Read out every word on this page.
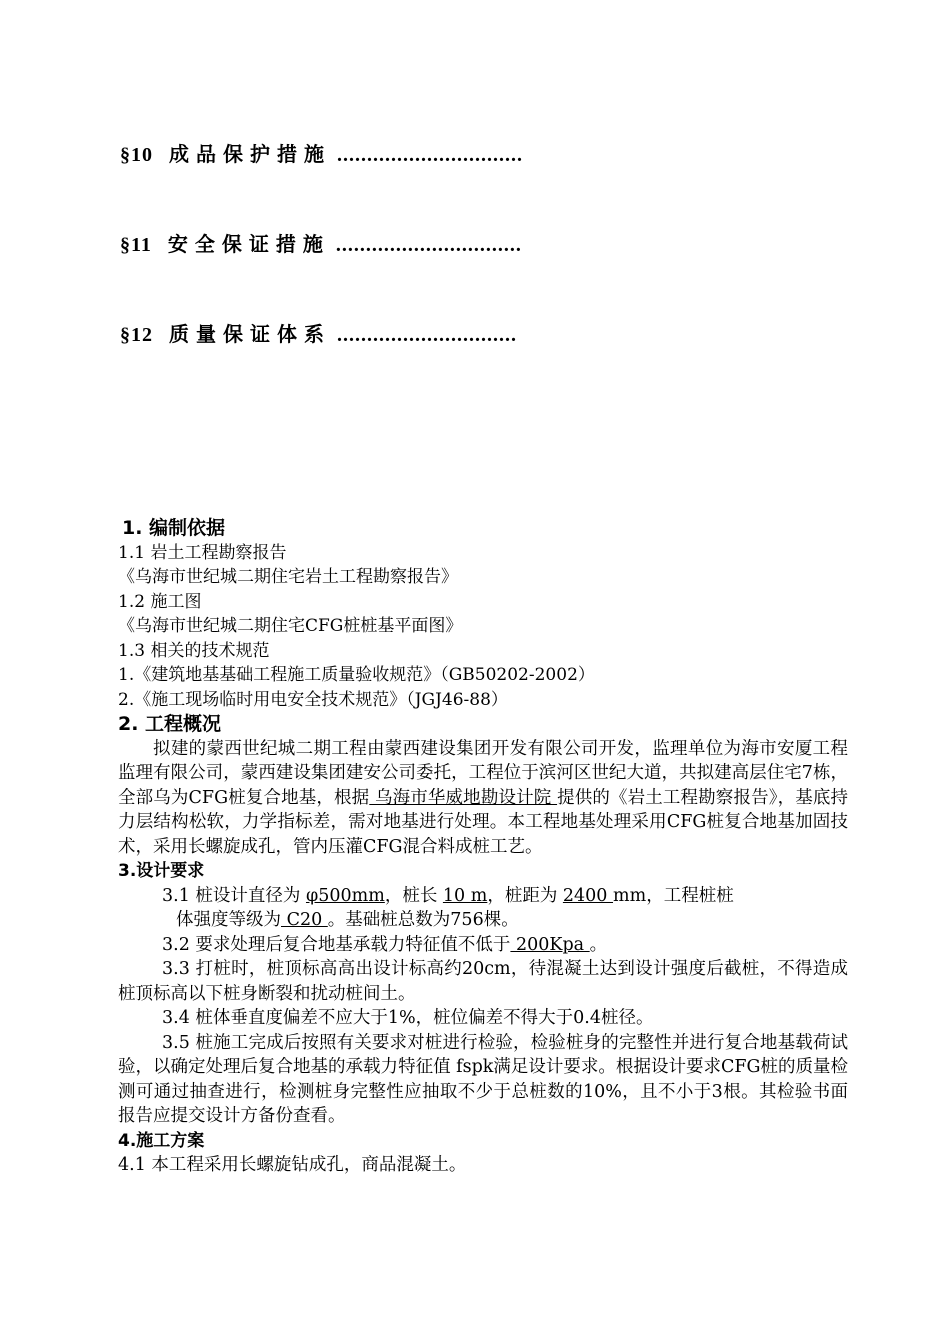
§10 成品保护措施 ...............................
§11 安全保证措施 ...............................
§12 质量保证体系 ..............................

1. 编制依据

1.1 岩土工程勘察报告

《乌海市世纪城二期住宅岩土工程勘察报告》

1.2 施工图

《乌海市世纪城二期住宅CFG桩桩基平面图》

1.3 相关的技术规范

1.《建筑地基基础工程施工质量验收规范》（GB50202-2002）

2.《施工现场临时用电安全技术规范》（JGJ46-88）

2. 工程概况

拟建的蒙西世纪城二期工程由蒙西建设集团开发有限公司开发，监理单位为海市安厦工程监理有限公司，蒙西建设集团建安公司委托，工程位于滨河区世纪大道，共拟建高层住宅7栋，全部乌为CFG桩复合地基，根据 乌海市华威地勘设计院 提供的《岩土工程勘察报告》，基底持力层结构松软，力学指标差，需对地基进行处理。本工程地基处理采用CFG桩复合地基加固技术，采用长螺旋成孔，管内压灌CFG混合料成桩工艺。

3.设计要求

3.1 桩设计直径为 φ500mm，桩长 10 m，桩距为 2400 mm，工程桩桩

体强度等级为 C20 。基础桩总数为756棵。

3.2 要求处理后复合地基承载力特征值不低于 200Kpa 。

3.3 打桩时，桩顶标高高出设计标高约20cm，待混凝土达到设计强度后截桩，不得造成桩顶标高以下桩身断裂和扰动桩间土。

3.4 桩体垂直度偏差不应大于1%，桩位偏差不得大于0.4桩径。

3.5 桩施工完成后按照有关要求对桩进行检验，检验桩身的完整性并进行复合地基载荷试验，以确定处理后复合地基的承载力特征值 fspk满足设计要求。根据设计要求CFG桩的质量检测可通过抽查进行，检测桩身完整性应抽取不少于总桩数的10%，且不小于3根。其检验书面报告应提交设计方备份查看。

4.施工方案

4.1 本工程采用长螺旋钻成孔，商品混凝土。
